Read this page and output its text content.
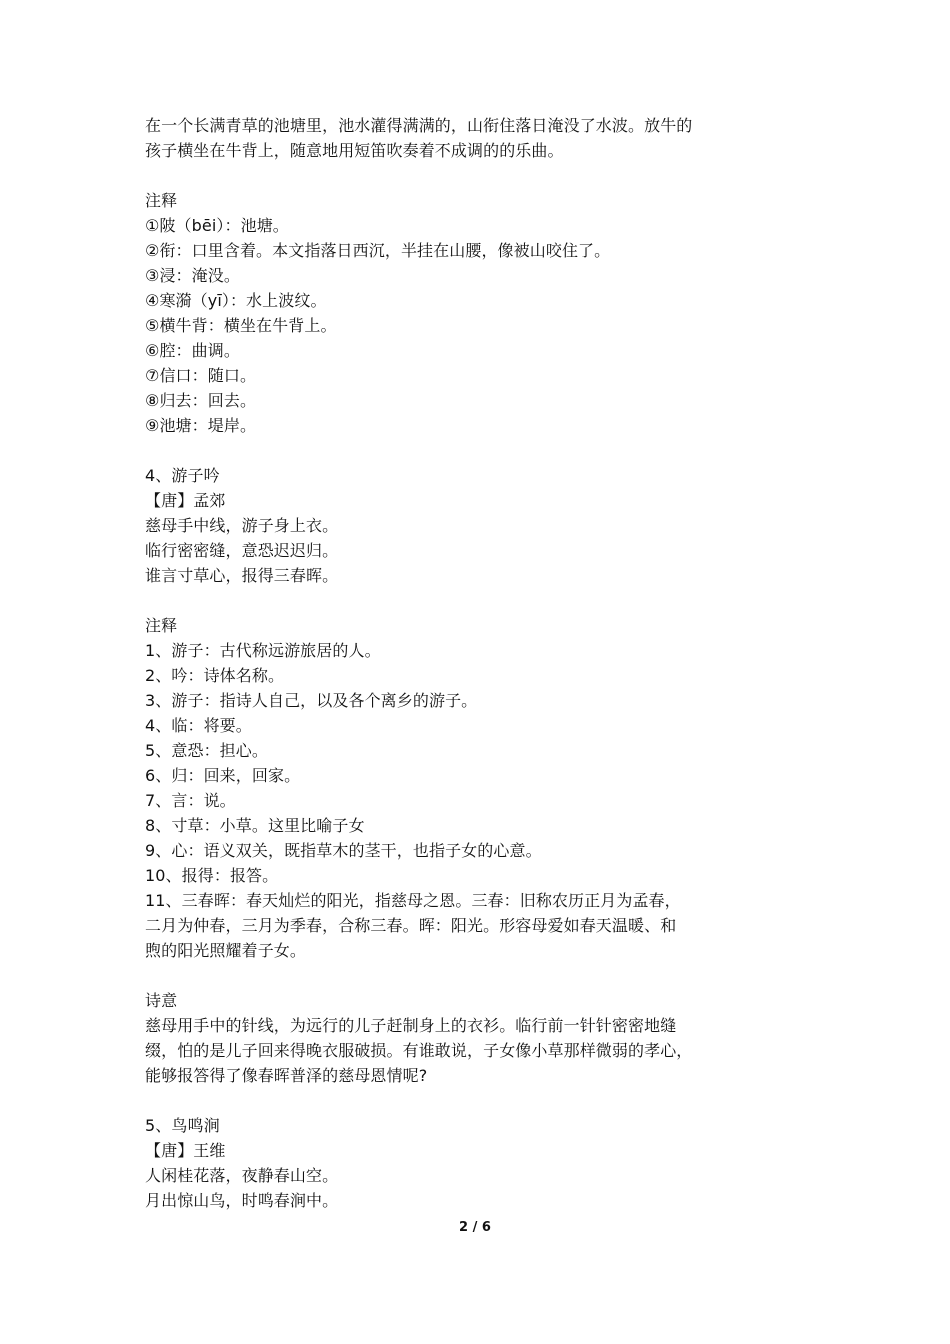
在一个长满青草的池塘里，池水灌得满满的，山衔住落日淹没了水波。放牛的

孩子横坐在牛背上，随意地用短笛吹奏着不成调的的乐曲。

注释

①陂（bēi）：池塘。

②衔：口里含着。本文指落日西沉，半挂在山腰，像被山咬住了。

③浸：淹没。

④寒漪（yī）：水上波纹。

⑤横牛背：横坐在牛背上。

⑥腔：曲调。

⑦信口：随口。

⑧归去：回去。

⑨池塘：堤岸。

4、游子吟

【唐】孟郊

慈母手中线，游子身上衣。

临行密密缝，意恐迟迟归。

谁言寸草心，报得三春晖。

注释

1、游子：古代称远游旅居的人。

2、吟：诗体名称。

3、游子：指诗人自己，以及各个离乡的游子。

4、临：将要。

5、意恐：担心。

6、归：回来，回家。

7、言：说。

8、寸草：小草。这里比喻子女

9、心：语义双关，既指草木的茎干，也指子女的心意。

10、报得：报答。

11、三春晖：春天灿烂的阳光，指慈母之恩。三春：旧称农历正月为孟春，

二月为仲春，三月为季春，合称三春。晖：阳光。形容母爱如春天温暖、和

煦的阳光照耀着子女。

诗意

慈母用手中的针线，为远行的儿子赶制身上的衣衫。临行前一针针密密地缝

缀，怕的是儿子回来得晚衣服破损。有谁敢说，子女像小草那样微弱的孝心，

能够报答得了像春晖普泽的慈母恩情呢?

5、鸟鸣涧

【唐】王维

人闲桂花落，夜静春山空。

月出惊山鸟，时鸣春涧中。

2 / 6
